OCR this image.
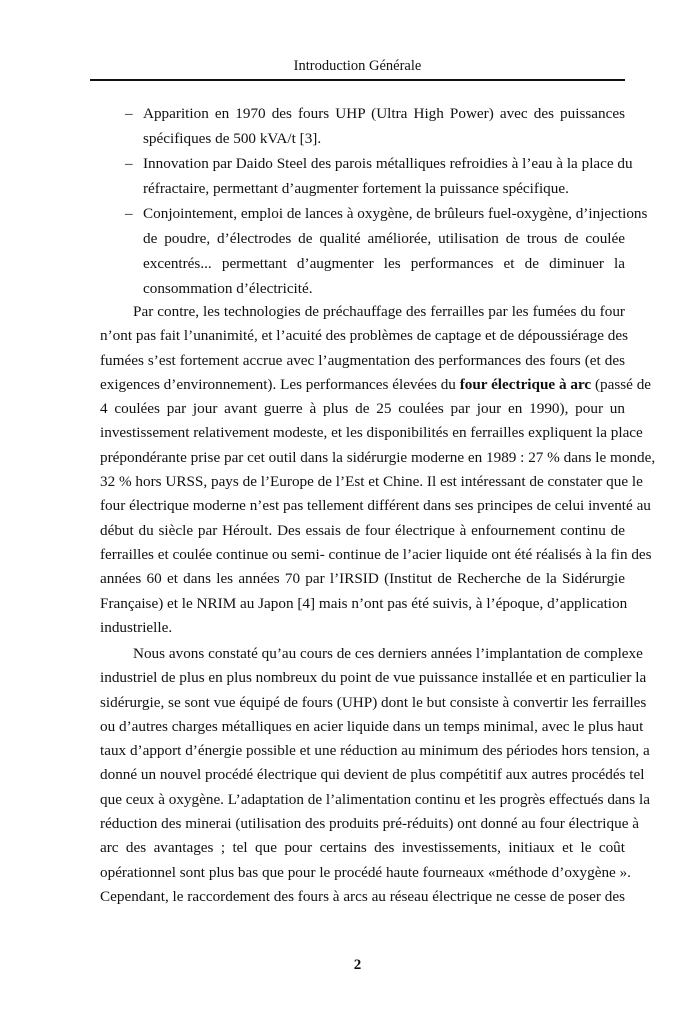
Introduction Générale
– Apparition en 1970 des fours UHP (Ultra High Power) avec des puissances
spécifiques de 500 kVA/t [3].
– Innovation par Daido Steel des parois métalliques refroidies à l’eau à la place du
réfractaire, permettant d’augmenter fortement la puissance spécifique.
– Conjointement, emploi de lances à oxygène, de brûleurs fuel-oxygène, d’injections
de poudre, d’électrodes de qualité améliorée, utilisation de trous de coulée
excentrés... permettant d’augmenter les performances et de diminuer la
consommation d’électricité.
Par contre, les technologies de préchauffage des ferrailles par les fumées du four
n’ont pas fait l’unanimité, et l’acuité des problèmes de captage et de dépoussiérage des
fumées s’est fortement accrue avec l’augmentation des performances des fours (et des
exigences d’environnement). Les performances élevées du four électrique à arc (passé de
4 coulées par jour avant guerre à plus de 25 coulées par jour en 1990), pour un
investissement relativement modeste, et les disponibilités en ferrailles expliquent la place
prépondérante prise par cet outil dans la sidérurgie moderne en 1989 : 27 % dans le monde,
32 % hors URSS, pays de l’Europe de l’Est et Chine. Il est intéressant de constater que le
four électrique moderne n’est pas tellement différent dans ses principes de celui inventé au
début du siècle par Héroult. Des essais de four électrique à enfournement continu de
ferrailles et coulée continue ou semi- continue de l’acier liquide ont été réalisés à la fin des
années 60 et dans les années 70 par l’IRSID (Institut de Recherche de la Sidérurgie
Française) et le NRIM au Japon [4] mais n’ont pas été suivis, à l’époque, d’application
industrielle.
Nous avons constaté qu’au cours de ces derniers années l’implantation de complexe
industriel de plus en plus nombreux du point de vue puissance installée et en particulier la
sidérurgie, se sont vue équipé de fours (UHP) dont le but consiste à convertir les ferrailles
ou d’autres charges métalliques en acier liquide dans un temps minimal, avec le plus haut
taux d’apport d’énergie possible et une réduction au minimum des périodes hors tension, a
donné un nouvel procédé électrique qui devient de plus compétitif aux autres procédés tel
que ceux à oxygène. L’adaptation de l’alimentation continu et les progrès effectués dans la
réduction des minerai (utilisation des produits pré-réduits) ont donné au four électrique à
arc des avantages ; tel que pour certains des investissements, initiaux et le coût
opérationnel sont plus bas que pour le procédé haute fourneaux «méthode d’oxygène ».
Cependant, le raccordement des fours à arcs au réseau électrique ne cesse de poser des
2
